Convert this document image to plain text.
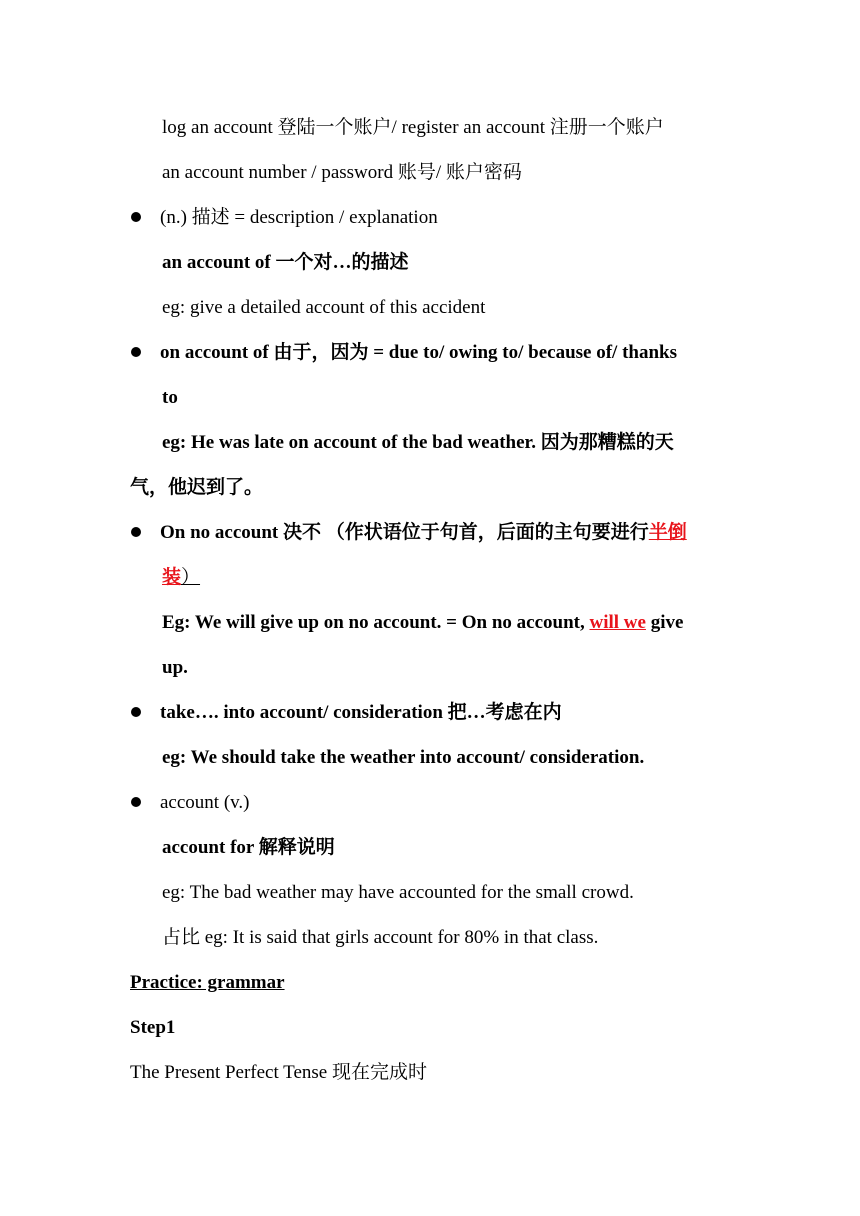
log an account 登陆一个账户/ register an account 注册一个账户
an account number / password 账号/ 账户密码
(n.) 描述 = description / explanation
an account of 一个对…的描述
eg: give a detailed account of this accident
on account of 由于，因为 = due to/ owing to/ because of/ thanks
to
eg: He was late on account of the bad weather. 因为那糟糕的天
气，他迟到了。
On no account 决不 （作状语位于句首，后面的主句要进行半倒
装）
Eg: We will give up on no account. = On no account, will we give
up.
take…. into account/ consideration 把…考虑在内
eg: We should take the weather into account/ consideration.
account (v.)
account for 解释说明
eg: The bad weather may have accounted for the small crowd.
占比 eg: It is said that girls account for 80% in that class.
Practice: grammar
Step1
The Present Perfect Tense 现在完成时
